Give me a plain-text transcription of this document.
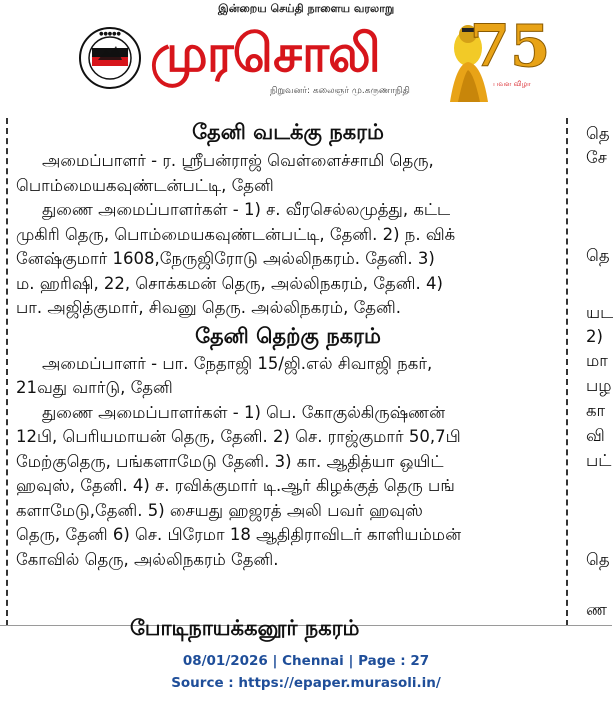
இன்றைய செய்தி நாளைய வரலாறு
●●●●● முரசொலி
நிறுவனர்: கலைஞர் மு.கருணாநிதி
75
பவள விழா
தேனி வடக்கு நகரம்

அமைப்பாளர் - ர. ஸ்ரீபன்ராஜ் வெள்ளைச்சாமி தெரு,
பொம்மையகவுண்டன்பட்டி, தேனி

துணை அமைப்பாளர்கள் - 1) ச. வீரசெல்லமுத்து, கட்ட
முகிரி தெரு, பொம்மையகவுண்டன்பட்டி, தேனி. 2) ந. விக்
னேஷ்குமார் 1608,நேருஜிரோடு அல்லிநகரம். தேனி. 3)
ம. ஹரிஷி, 22, சொக்கமன் தெரு, அல்லிநகரம், தேனி. 4)
பா. அஜித்குமார், சிவனு தெரு. அல்லிநகரம், தேனி.

தேனி தெற்கு நகரம்

அமைப்பாளர் - பா. நேதாஜி 15/ஜி.எல் சிவாஜி நகர்,
21வது வார்டு, தேனி

துணை அமைப்பாளர்கள் - 1) பெ. கோகுல்கிருஷ்ணன்
12பி, பெரியமாயன் தெரு, தேனி. 2) செ. ராஜ்குமார் 50,7பி
மேற்குதெரு, பங்களாமேடு தேனி. 3) கா. ஆதித்யா ஒயிட்
ஹவுஸ், தேனி. 4) ச. ரவிக்குமார் டி.ஆர் கிழக்குத் தெரு பங்
களாமேடு,தேனி. 5) சையது ஹஜரத் அலி பவர் ஹவுஸ்
தெரு, தேனி 6) செ. பிரேமா 18 ஆதிதிராவிடர் காளியம்மன்
கோவில் தெரு, அல்லிநகரம் தேனி.

போடிநாயக்கனூர் நகரம்
தெ
சே
தெ
யட
2)
மா
பழ
கா
வி
பட்
தெ
ண
08/01/2026 | Chennai | Page : 27
Source : https://epaper.murasoli.in/
